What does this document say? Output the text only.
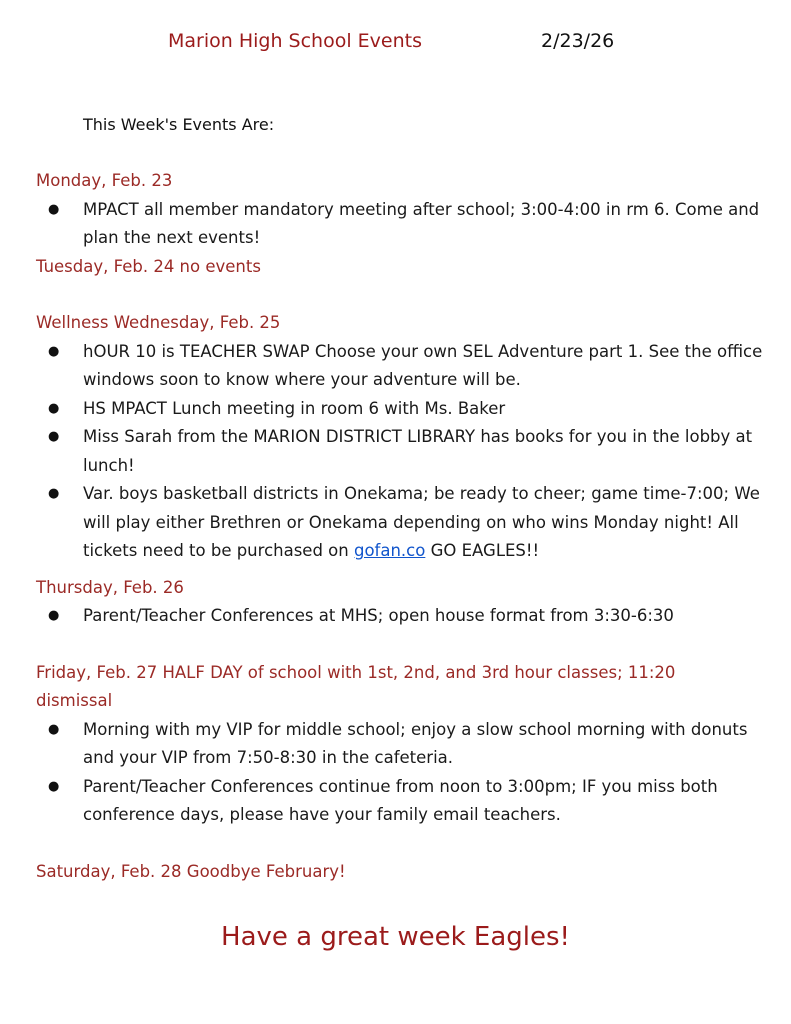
Marion High School Events	2/23/26
This Week's Events Are:
Monday, Feb. 23
● MPACT all member mandatory meeting after school; 3:00-4:00 in rm 6. Come and plan the next events!
Tuesday, Feb. 24 no events
Wellness Wednesday, Feb. 25
● hOUR 10 is TEACHER SWAP Choose your own SEL Adventure part 1. See the office windows soon to know where your adventure will be.
● HS MPACT Lunch meeting in room 6 with Ms. Baker
● Miss Sarah from the MARION DISTRICT LIBRARY has books for you in the lobby at lunch!
● Var. boys basketball districts in Onekama; be ready to cheer; game time-7:00; We will play either Brethren or Onekama depending on who wins Monday night! All tickets need to be purchased on gofan.co GO EAGLES!!
Thursday, Feb. 26
● Parent/Teacher Conferences at MHS; open house format from 3:30-6:30
Friday, Feb. 27 HALF DAY of school with 1st, 2nd, and 3rd hour classes; 11:20 dismissal
● Morning with my VIP for middle school; enjoy a slow school morning with donuts and your VIP from 7:50-8:30 in the cafeteria.
● Parent/Teacher Conferences continue from noon to 3:00pm; IF you miss both conference days, please have your family email teachers.
Saturday, Feb. 28 Goodbye February!
Have a great week Eagles!
